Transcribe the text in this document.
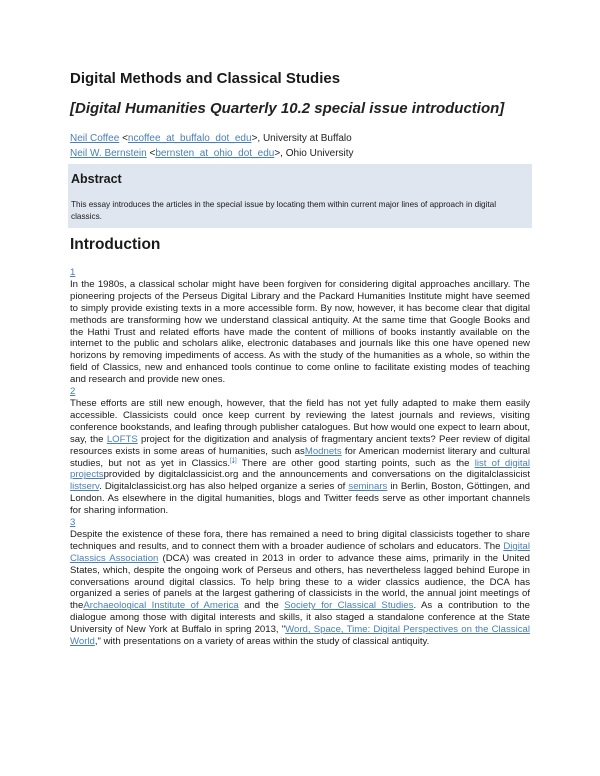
Digital Methods and Classical Studies
[Digital Humanities Quarterly 10.2 special issue introduction]
Neil Coffee <ncoffee_at_buffalo_dot_edu>, University at Buffalo
Neil W. Bernstein <bernsten_at_ohio_dot_edu>, Ohio University
Abstract

This essay introduces the articles in the special issue by locating them within current major lines of approach in digital classics.

Introduction
1

In the 1980s, a classical scholar might have been forgiven for considering digital approaches ancillary. The pioneering projects of the Perseus Digital Library and the Packard Humanities Institute might have seemed to simply provide existing texts in a more accessible form. By now, however, it has become clear that digital methods are transforming how we understand classical antiquity. At the same time that Google Books and the Hathi Trust and related efforts have made the content of millions of books instantly available on the internet to the public and scholars alike, electronic databases and journals like this one have opened new horizons by removing impediments of access. As with the study of the humanities as a whole, so within the field of Classics, new and enhanced tools continue to come online to facilitate existing modes of teaching and research and provide new ones.

2

These efforts are still new enough, however, that the field has not yet fully adapted to make them easily accessible. Classicists could once keep current by reviewing the latest journals and reviews, visiting conference bookstands, and leafing through publisher catalogues. But how would one expect to learn about, say, the LOFTS project for the digitization and analysis of fragmentary ancient texts? Peer review of digital resources exists in some areas of humanities, such asModnets for American modernist literary and cultural studies, but not as yet in Classics.[1] There are other good starting points, such as the list of digital projectsprovided by digitalclassicist.org and the announcements and conversations on the digitalclassicist listserv. Digitalclassicist.org has also helped organize a series of seminars in Berlin, Boston, Göttingen, and London. As elsewhere in the digital humanities, blogs and Twitter feeds serve as other important channels for sharing information.

3

Despite the existence of these fora, there has remained a need to bring digital classicists together to share techniques and results, and to connect them with a broader audience of scholars and educators. The Digital Classics Association (DCA) was created in 2013 in order to advance these aims, primarily in the United States, which, despite the ongoing work of Perseus and others, has nevertheless lagged behind Europe in conversations around digital classics. To help bring these to a wider classics audience, the DCA has organized a series of panels at the largest gathering of classicists in the world, the annual joint meetings of theArchaeological Institute of America and the Society for Classical Studies. As a contribution to the dialogue among those with digital interests and skills, it also staged a standalone conference at the State University of New York at Buffalo in spring 2013, "Word, Space, Time: Digital Perspectives on the Classical World," with presentations on a variety of areas within the study of classical antiquity.
